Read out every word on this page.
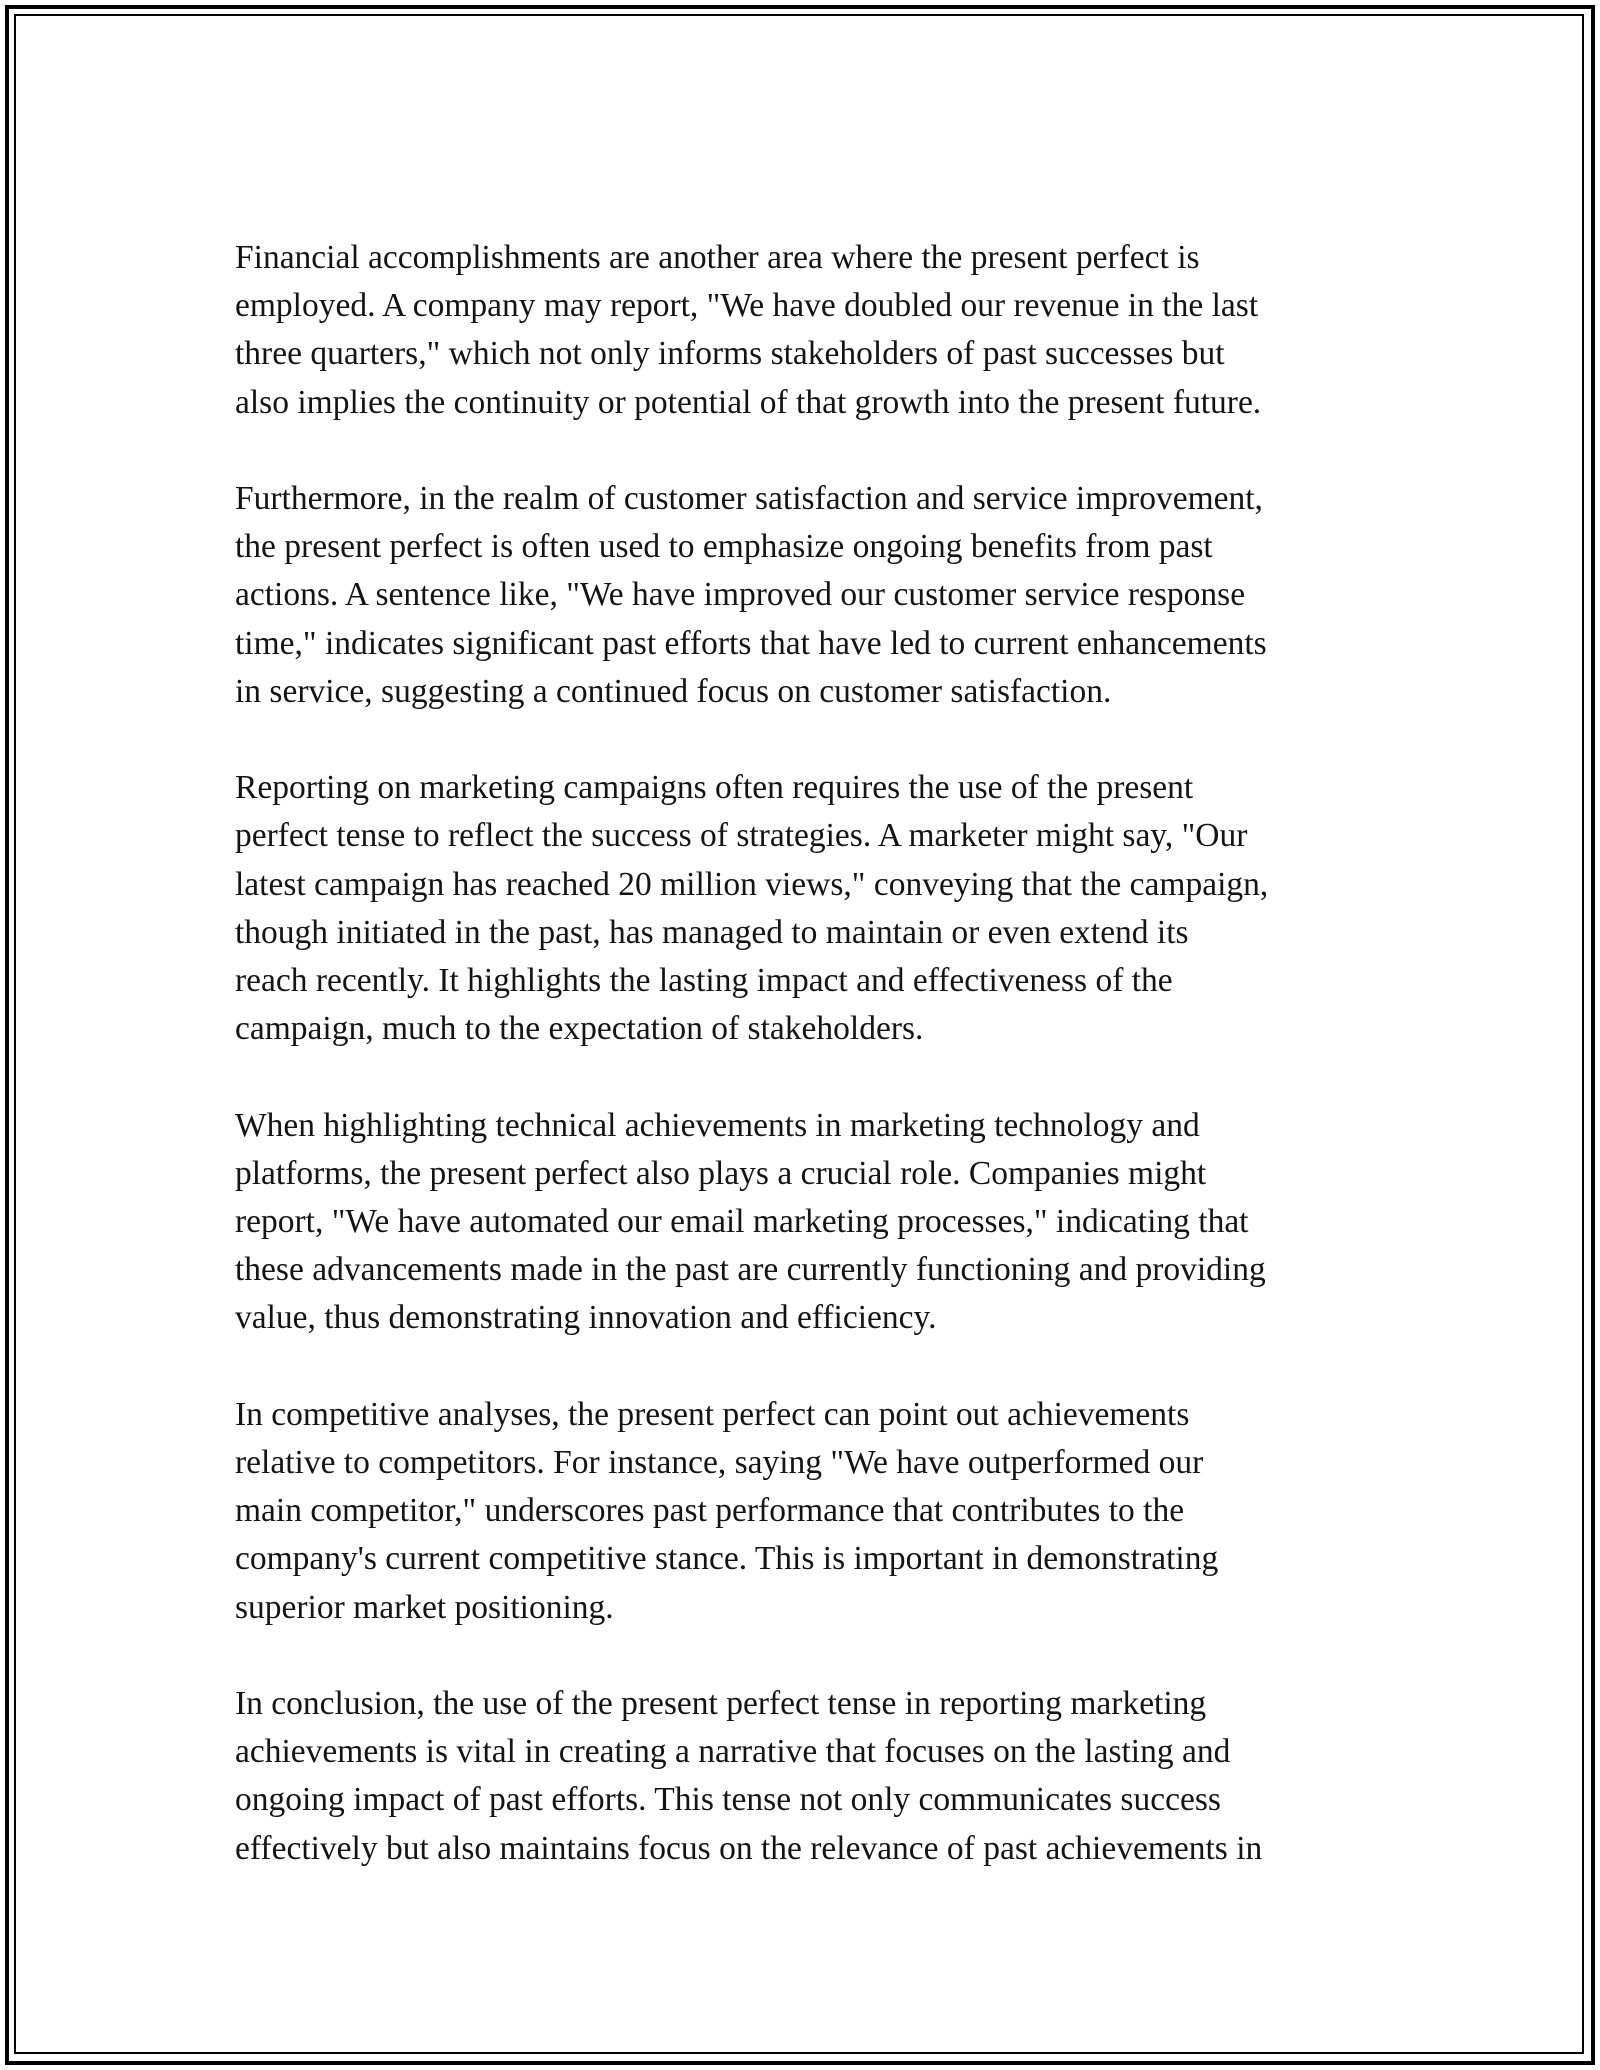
Financial accomplishments are another area where the present perfect is
employed. A company may report, "We have doubled our revenue in the last
three quarters," which not only informs stakeholders of past successes but
also implies the continuity or potential of that growth into the present future.

Furthermore, in the realm of customer satisfaction and service improvement,
the present perfect is often used to emphasize ongoing benefits from past
actions. A sentence like, "We have improved our customer service response
time," indicates significant past efforts that have led to current enhancements
in service, suggesting a continued focus on customer satisfaction.

Reporting on marketing campaigns often requires the use of the present
perfect tense to reflect the success of strategies. A marketer might say, "Our
latest campaign has reached 20 million views," conveying that the campaign,
though initiated in the past, has managed to maintain or even extend its
reach recently. It highlights the lasting impact and effectiveness of the
campaign, much to the expectation of stakeholders.

When highlighting technical achievements in marketing technology and
platforms, the present perfect also plays a crucial role. Companies might
report, "We have automated our email marketing processes," indicating that
these advancements made in the past are currently functioning and providing
value, thus demonstrating innovation and efficiency.

In competitive analyses, the present perfect can point out achievements
relative to competitors. For instance, saying "We have outperformed our
main competitor," underscores past performance that contributes to the
company's current competitive stance. This is important in demonstrating
superior market positioning.

In conclusion, the use of the present perfect tense in reporting marketing
achievements is vital in creating a narrative that focuses on the lasting and
ongoing impact of past efforts. This tense not only communicates success
effectively but also maintains focus on the relevance of past achievements in
